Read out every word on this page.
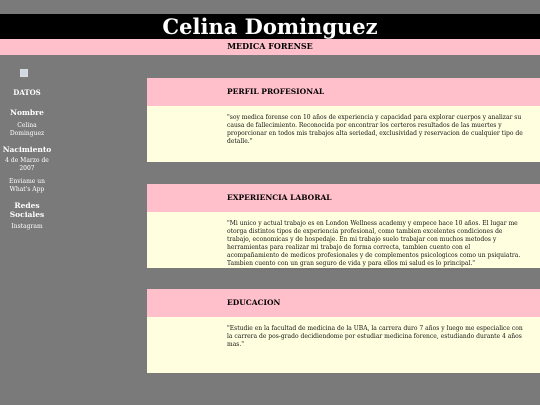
Celina Dominguez
MEDICA FORENSE
DATOS
Nombre
Celina Dominguez
Nacimiento
4 de Marzo de 2007
Enviame un What's App
Redes Sociales
Instagram
PERFIL PROFESIONAL
"soy medica forense con 10 años de experiencia y capacidad para explorar cuerpos y analizar su causa de fallecimiento. Reconocida por encontrar los certeros resultados de las muertes y proporcionar en todos mis trabajos alta seriedad, exclusividad y reservacion de cualquier tipo de detalle."
EXPERIENCIA LABORAL
"Mi unico y actual trabajo es en London Wellness academy y empece hace 10 años. El lugar me otorga distintos tipos de experiencia profesional, como tambien excelentes condiciones de trabajo, economicas y de hospedaje. En mi trabajo suelo trabajar con muchos metodos y herramientas para realizar mi trabajo de forma correcta, tambien cuento con el acompañamiento de medicos profesionales y de complementos psicologicos como un psiquiatra. Tambien cuento con un gran seguro de vida y para ellos mi salud es lo principal."
EDUCACION
"Estudie en la facultad de medicina de la UBA, la carrera duro 7 años y luego me especialice con la carrera de pos-grado decidiendome por estudiar medicina forence, estudiando durante 4 años mas."
